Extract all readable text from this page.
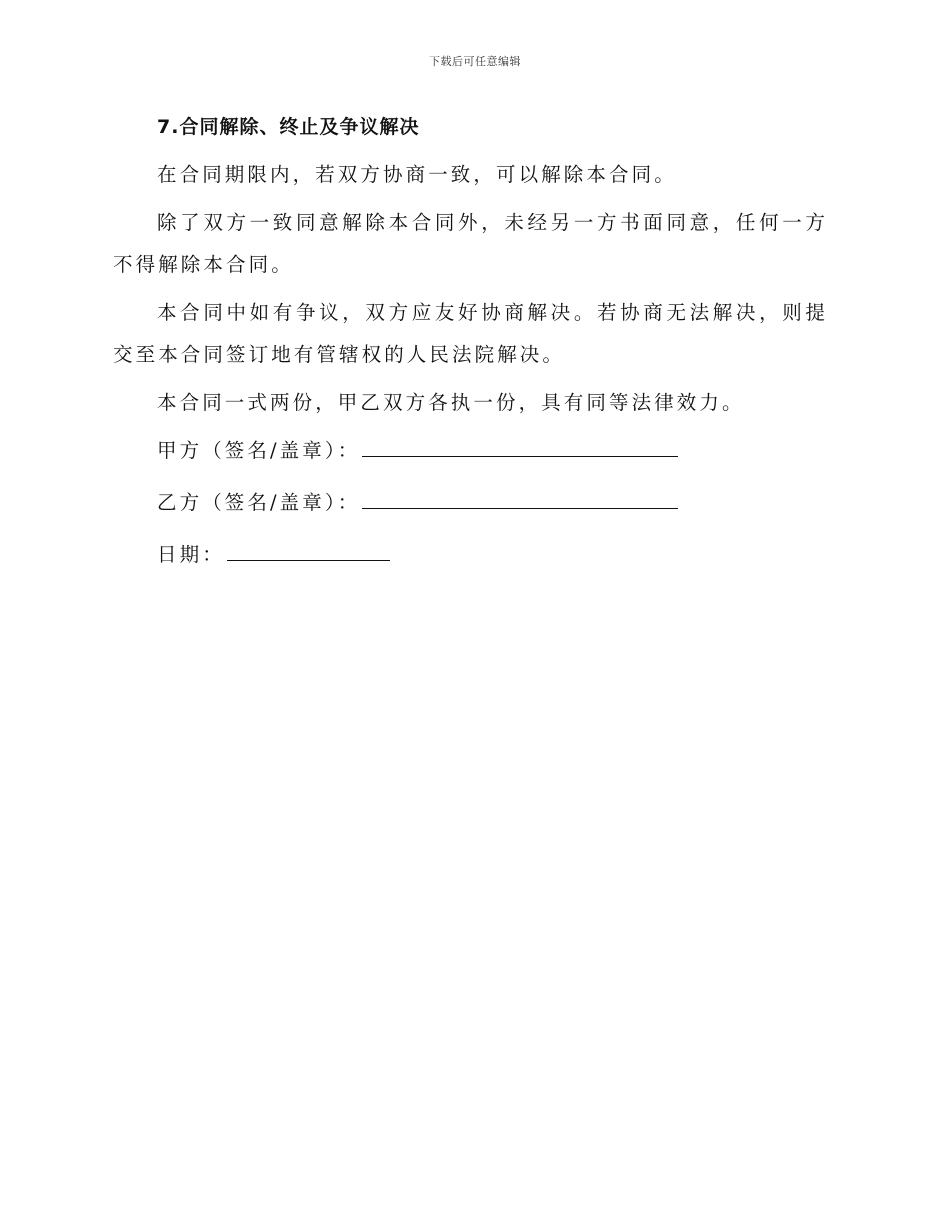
下载后可任意编辑
7.合同解除、终止及争议解决

在合同期限内，若双方协商一致，可以解除本合同。

除了双方一致同意解除本合同外，未经另一方书面同意，任何一方不得解除本合同。

本合同中如有争议，双方应友好协商解决。若协商无法解决，则提交至本合同签订地有管辖权的人民法院解决。

本合同一式两份，甲乙双方各执一份，具有同等法律效力。

甲方（签名/盖章）：
乙方（签名/盖章）：
日期：
